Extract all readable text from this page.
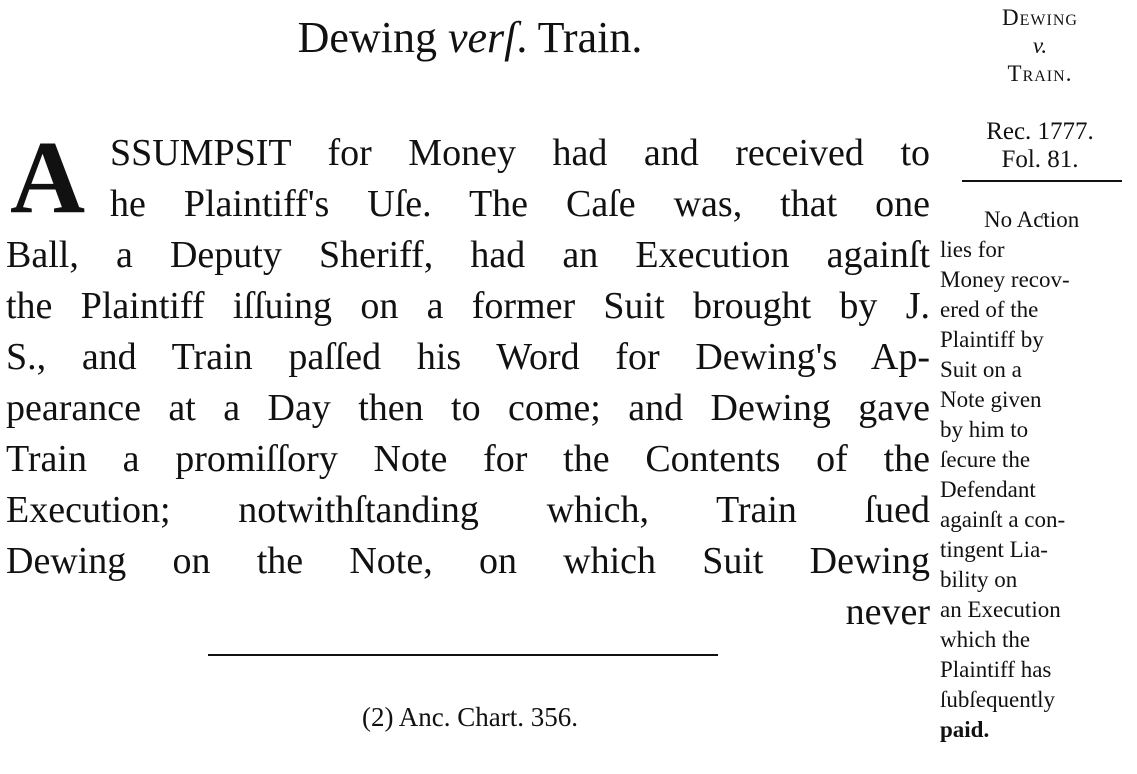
Dewing verſ. Train.
A SSUMPSIT for Money had and received to
he Plaintiff's Uſe. The Caſe was, that one
Ball, a Deputy Sheriff, had an Execution againſt
the Plaintiff iſſuing on a former Suit brought by J.
S., and Train paſſed his Word for Dewing's Ap-
pearance at a Day then to come; and Dewing gave
Train a promiſſory Note for the Contents of the
Execution; notwithſtanding which, Train ſued
Dewing on the Note, on which Suit Dewing
never
(2) Anc. Chart. 356.
Dewing
v.
Train.
Rec. 1777.
Fol. 81.
No Aƈtion
lies for
Money recov-
ered of the
Plaintiff by
Suit on a
Note given
by him to
ſecure the
Defendant
againſt a con-
tingent Lia-
bility on
an Execution
which the
Plaintiff has
ſubſequently
paid.
